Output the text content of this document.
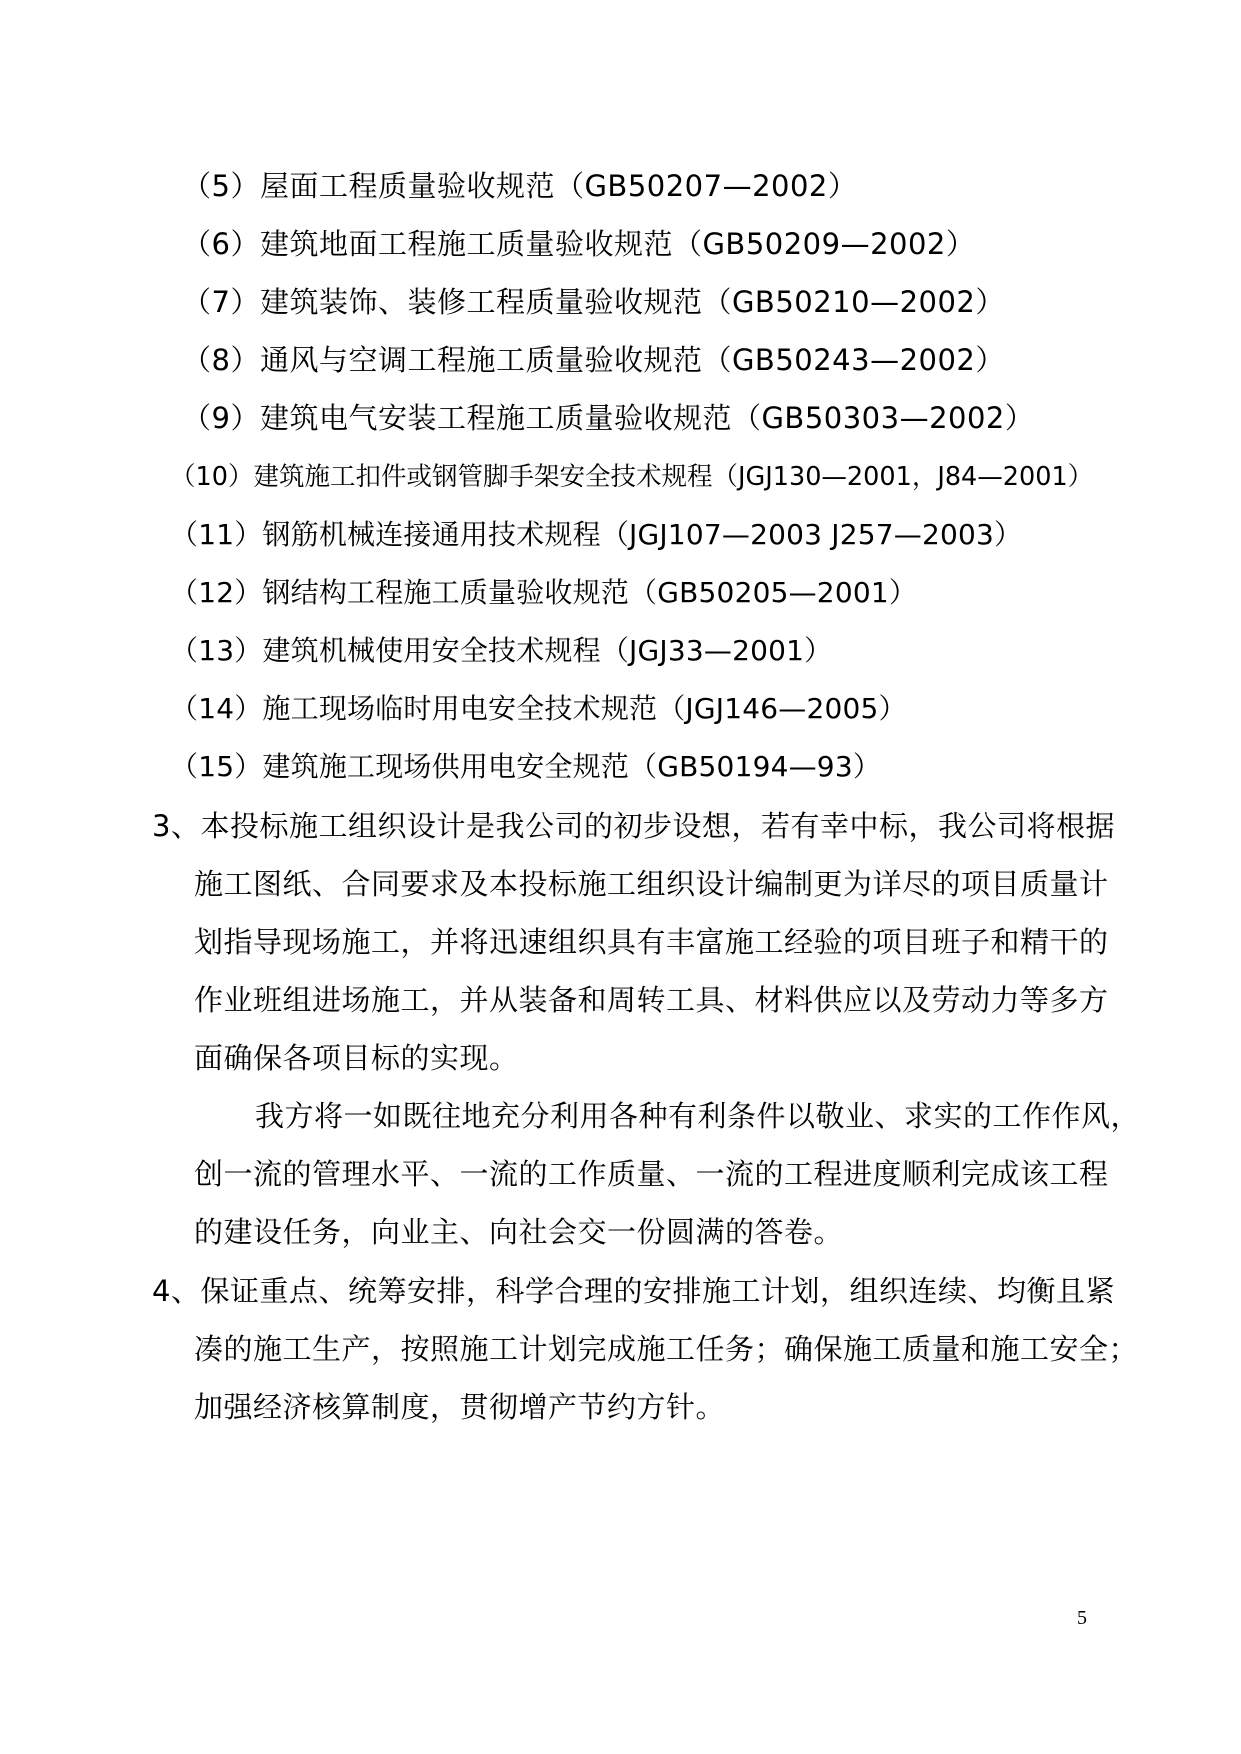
（5）屋面工程质量验收规范（GB50207—2002）
（6）建筑地面工程施工质量验收规范（GB50209—2002）
（7）建筑装饰、装修工程质量验收规范（GB50210—2002）
（8）通风与空调工程施工质量验收规范（GB50243—2002）
（9）建筑电气安装工程施工质量验收规范（GB50303—2002）
（10）建筑施工扣件或钢管脚手架安全技术规程（JGJ130—2001，J84—2001）
（11）钢筋机械连接通用技术规程（JGJ107—2003 J257—2003）
（12）钢结构工程施工质量验收规范（GB50205—2001）
（13）建筑机械使用安全技术规程（JGJ33—2001）
（14）施工现场临时用电安全技术规范（JGJ146—2005）
（15）建筑施工现场供用电安全规范（GB50194—93）
3、本投标施工组织设计是我公司的初步设想，若有幸中标，我公司将根据
施工图纸、合同要求及本投标施工组织设计编制更为详尽的项目质量计
划指导现场施工，并将迅速组织具有丰富施工经验的项目班子和精干的
作业班组进场施工，并从装备和周转工具、材料供应以及劳动力等多方
面确保各项目标的实现。
我方将一如既往地充分利用各种有利条件以敬业、求实的工作作风，
创一流的管理水平、一流的工作质量、一流的工程进度顺利完成该工程
的建设任务，向业主、向社会交一份圆满的答卷。
4、保证重点、统筹安排，科学合理的安排施工计划，组织连续、均衡且紧
凑的施工生产，按照施工计划完成施工任务；确保施工质量和施工安全；
加强经济核算制度，贯彻增产节约方针。
5
